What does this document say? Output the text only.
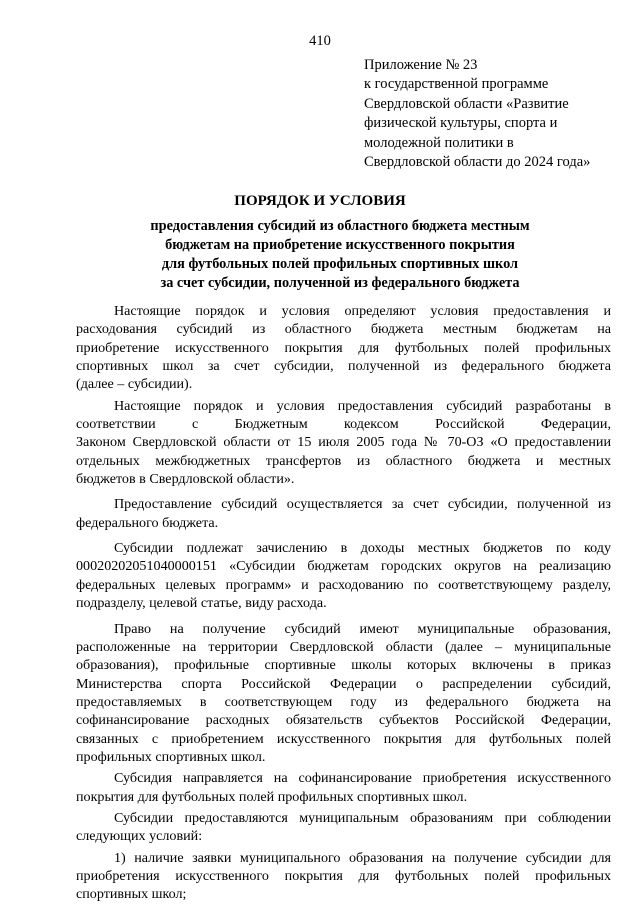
410
Приложение № 23
к государственной программе
Свердловской области «Развитие
физической культуры, спорта и
молодежной политики в
Свердловской области до 2024 года»
ПОРЯДОК И УСЛОВИЯ
предоставления субсидий из областного бюджета местным
бюджетам на приобретение искусственного покрытия
для футбольных полей профильных спортивных школ
за счет субсидии, полученной из федерального бюджета
Настоящие порядок и условия определяют условия предоставления и
расходования субсидий из областного бюджета местным бюджетам на
приобретение искусственного покрытия для футбольных полей профильных
спортивных школ за счет субсидии, полученной из федерального бюджета
(далее – субсидии).
Настоящие порядок и условия предоставления субсидий разработаны в
соответствии с Бюджетным кодексом Российской Федерации,
Законом Свердловской области от 15 июля 2005 года № 70-ОЗ «О предоставлении
отдельных межбюджетных трансфертов из областного бюджета и местных
бюджетов в Свердловской области».
Предоставление субсидий осуществляется за счет субсидии, полученной из
федерального бюджета.
Субсидии подлежат зачислению в доходы местных бюджетов по коду
00020202051040000151 «Субсидии бюджетам городских округов на реализацию
федеральных целевых программ» и расходованию по соответствующему разделу,
подразделу, целевой статье, виду расхода.
Право на получение субсидий имеют муниципальные образования,
расположенные на территории Свердловской области (далее – муниципальные
образования), профильные спортивные школы которых включены в приказ
Министерства спорта Российской Федерации о распределении субсидий,
предоставляемых в соответствующем году из федерального бюджета на
софинансирование расходных обязательств субъектов Российской Федерации,
связанных с приобретением искусственного покрытия для футбольных полей
профильных спортивных школ.
Субсидия направляется на софинансирование приобретения искусственного
покрытия для футбольных полей профильных спортивных школ.
Субсидии предоставляются муниципальным образованиям при соблюдении
следующих условий:
1) наличие заявки муниципального образования на получение субсидии для
приобретения искусственного покрытия для футбольных полей профильных
спортивных школ;
